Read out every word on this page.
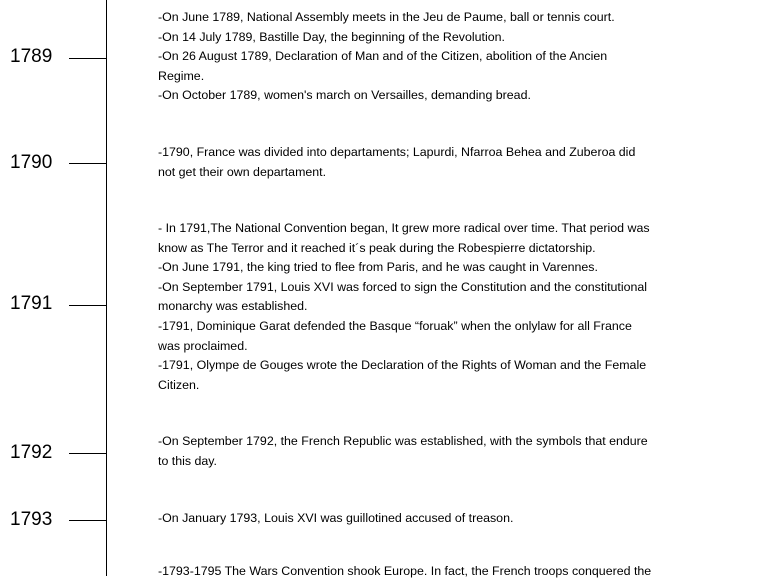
1789
-On June 1789, National Assembly meets in the Jeu de Paume, ball or tennis court.
-On 14 July 1789, Bastille Day, the beginning of the Revolution.
-On 26 August 1789, Declaration of Man and of the Citizen, abolition of the Ancien
Regime.
-On October 1789, women's march on Versailles, demanding bread.
1790	-1790, France was divided into departaments; Lapurdi, Nfarroa Behea and Zuberoa did
not get their own departament.
1791
- In 1791,The National Convention began, It grew more radical over time. That period was
know as The Terror and it reached it´s peak during the Robespierre dictatorship.
-On June 1791, the king tried to flee from Paris, and he was caught in Varennes.
-On September 1791, Louis XVI was forced to sign the Constitution and the constitutional
monarchy was established.
-1791, Dominique Garat defended the Basque “foruak” when the onlylaw for all France
was proclaimed.
-1791, Olympe de Gouges wrote the Declaration of the Rights of Woman and the Female
Citizen.
1792
-On September 1792, the French Republic was established, with the symbols that endure
to this day.
1793	-On January 1793, Louis XVI was guillotined accused of treason.
-1793-1795 The Wars Convention shook Europe. In fact, the French troops conquered the
